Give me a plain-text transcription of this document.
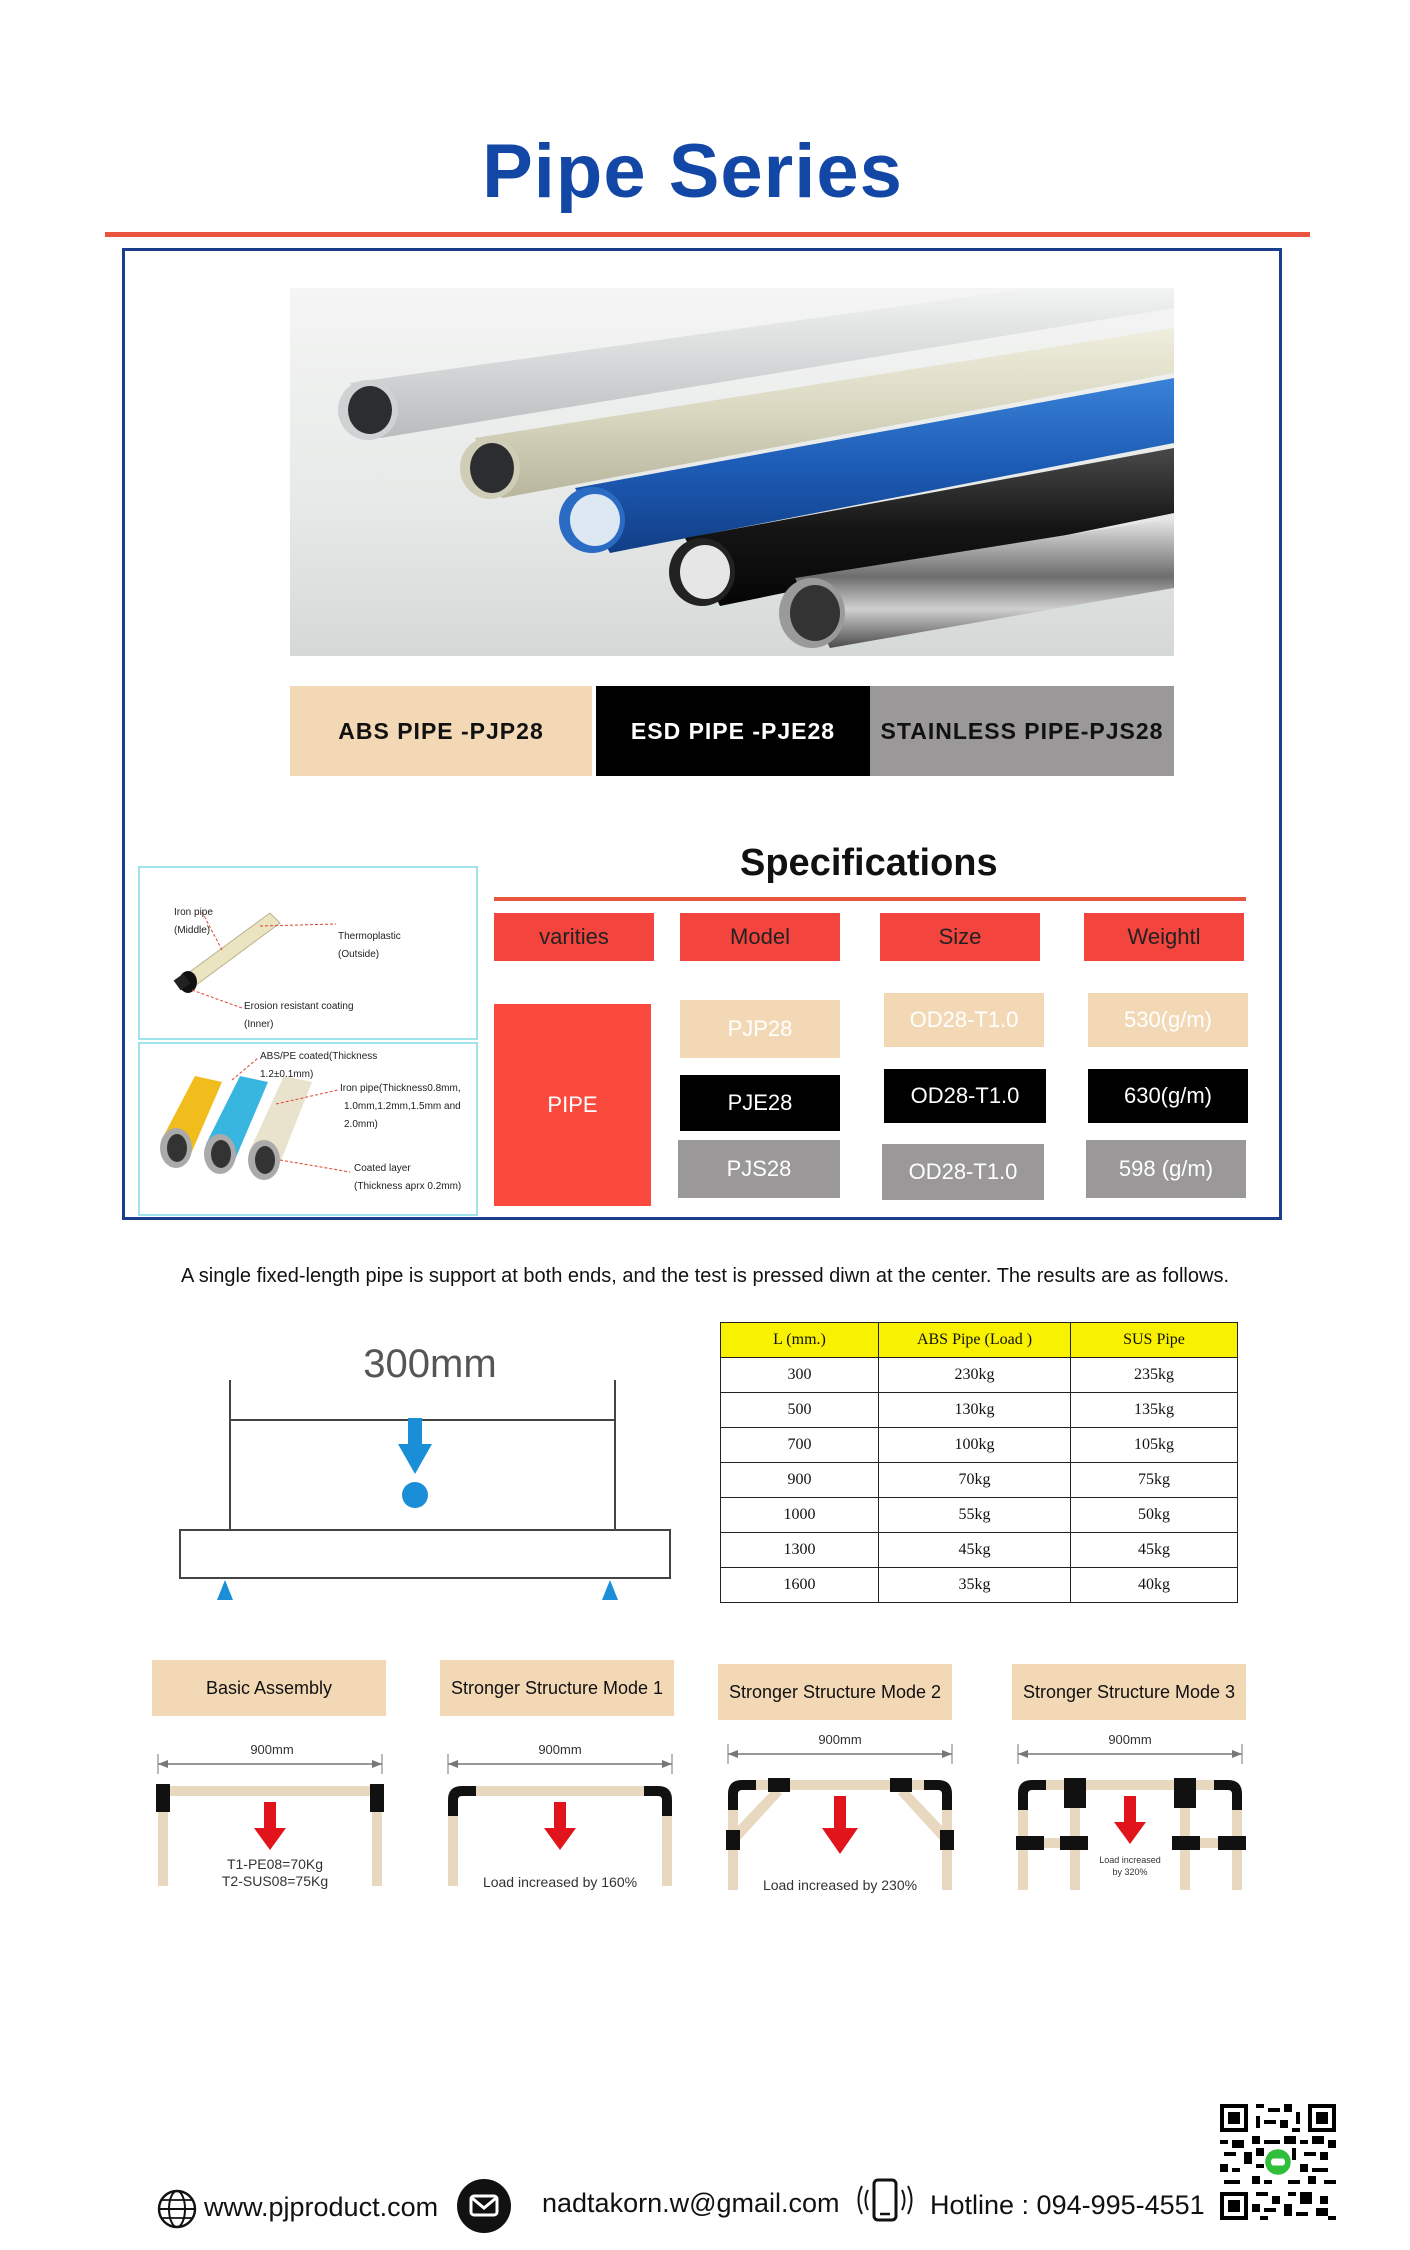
Pipe Series
ABS PIPE -PJP28	ESD PIPE -PJE28	STAINLESS PIPE-PJS28
Iron pipe
(Middle)
Thermoplastic
(Outside)
Erosion resistant coating
(Inner)
ABS/PE coated(Thickness
1.2±0.1mm)
Iron pipe(Thickness0.8mm,
1.0mm,1.2mm,1.5mm and
2.0mm)
Coated layer
(Thickness aprx 0.2mm)
Specifications
varities	Model	Size	Weightl
PIPE
PJP28	OD28-T1.0	530(g/m)
PJE28	OD28-T1.0	630(g/m)
PJS28	OD28-T1.0	598 (g/m)
A single fixed-length pipe is support at both ends, and the test is pressed diwn at the center. The results are as follows.
300mm
L (mm.)	ABS Pipe (Load )	SUS Pipe
300	230kg	235kg
500	130kg	135kg
700	100kg	105kg
900	70kg	75kg
1000	55kg	50kg
1300	45kg	45kg
1600	35kg	40kg
Basic Assembly	Stronger Structure Mode 1	Stronger Structure Mode 2	Stronger Structure Mode 3
900mm
T1-PE08=70Kg
T2-SUS08=75Kg
900mm
Load increased by 160%
900mm
Load increased by 230%
900mm
Load increased
by 320%
www.pjproduct.com	nadtakorn.w@gmail.com	Hotline : 094-995-4551
